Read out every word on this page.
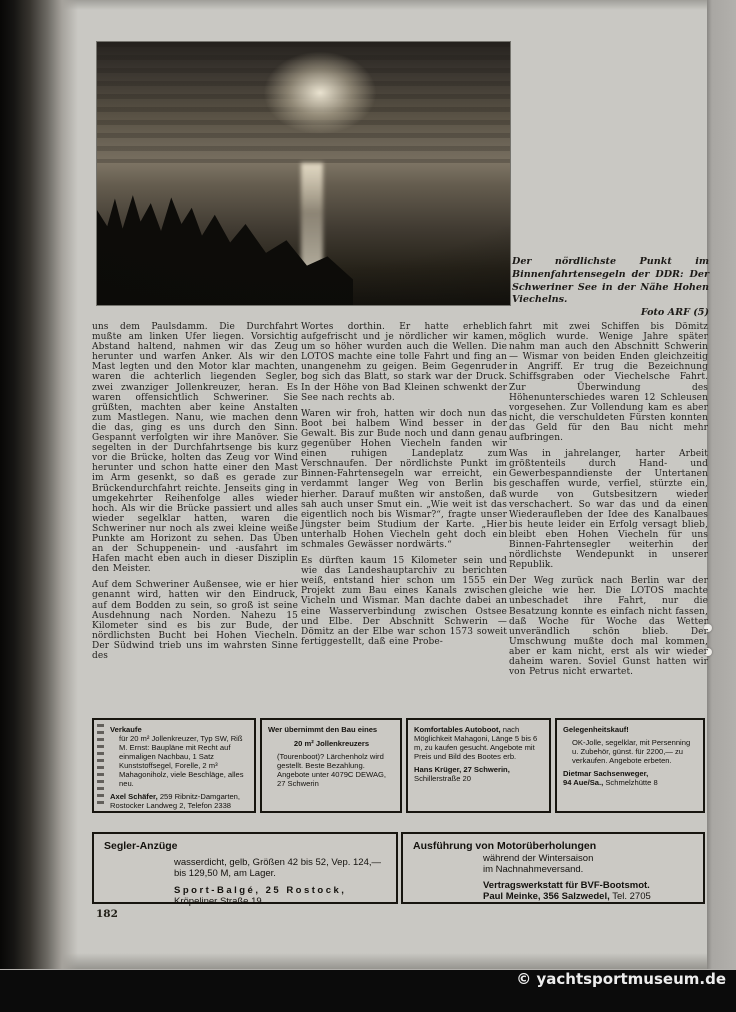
Der nördlichste Punkt im Binnenfahrtensegeln der DDR: Der Schweriner See in der Nähe Hohen Viechelns.

Foto ARF (5)

uns dem Paulsdamm. Die Durchfahrt mußte am linken Ufer liegen. Vorsichtig Abstand haltend, nahmen wir das Zeug herunter und warfen Anker. Als wir den Mast legten und den Motor klar machten, waren die achterlich liegenden Segler, zwei zwanziger Jollenkreuzer, heran. Es waren offensichtlich Schweriner. Sie grüßten, machten aber keine Anstalten zum Mastlegen. Nanu, wie machen denn die das, ging es uns durch den Sinn. Gespannt verfolgten wir ihre Manöver. Sie segelten in der Durchfahrtsenge bis kurz vor die Brücke, holten das Zeug vor Wind herunter und schon hatte einer den Mast im Arm gesenkt, so daß es gerade zur Brückendurchfahrt reichte. Jenseits ging in umgekehrter Reihenfolge alles wieder hoch. Als wir die Brücke passiert und alles wieder segelklar hatten, waren die Schweriner nur noch als zwei kleine weiße Punkte am Horizont zu sehen. Das Üben an der Schuppenein- und -ausfahrt im Hafen macht eben auch in dieser Disziplin den Meister.

Auf dem Schweriner Außensee, wie er hier genannt wird, hatten wir den Eindruck, auf dem Bodden zu sein, so groß ist seine Ausdehnung nach Norden. Nahezu 15 Kilometer sind es bis zur Bude, der nördlichsten Bucht bei Hohen Viecheln. Der Südwind trieb uns im wahrsten Sinne des

Wortes dorthin. Er hatte erheblich aufgefrischt und je nördlicher wir kamen, um so höher wurden auch die Wellen. Die LOTOS machte eine tolle Fahrt und fing an unangenehm zu geigen. Beim Gegenruder bog sich das Blatt, so stark war der Druck. In der Höhe von Bad Kleinen schwenkt der See nach rechts ab.

Waren wir froh, hatten wir doch nun das Boot bei halbem Wind besser in der Gewalt. Bis zur Bude noch und dann genau gegenüber Hohen Viecheln fanden wir einen ruhigen Landeplatz zum Verschnaufen. Der nördlichste Punkt im Binnen-Fahrtensegeln war erreicht, ein verdammt langer Weg von Berlin bis hierher. Darauf mußten wir anstoßen, daß sah auch unser Smut ein. „Wie weit ist das eigentlich noch bis Wismar?“, fragte unser Jüngster beim Studium der Karte. „Hier unterhalb Hohen Viecheln geht doch ein schmales Gewässer nordwärts.“

Es dürften kaum 15 Kilometer sein und wie das Landeshauptarchiv zu berichten weiß, entstand hier schon um 1555 ein Projekt zum Bau eines Kanals zwischen Vicheln und Wismar. Man dachte dabei an eine Wasserverbindung zwischen Ostsee und Elbe. Der Abschnitt Schwerin — Dömitz an der Elbe war schon 1573 soweit fertiggestellt, daß eine Probe-

fahrt mit zwei Schiffen bis Dömitz möglich wurde. Wenige Jahre später nahm man auch den Abschnitt Schwerin— Wismar von beiden Enden gleichzeitig in Angriff. Er trug die Bezeichnung Schiffsgraben oder Viechelsche Fahrt. Zur Überwindung des Höhenunterschiedes waren 12 Schleusen vorgesehen. Zur Vollendung kam es aber nicht, die verschuldeten Fürsten konnten das Geld für den Bau nicht mehr aufbringen.

Was in jahrelanger, harter Arbeit größtenteils durch Hand- und Gewerbespanndienste der Untertanen geschaffen wurde, verfiel, stürzte ein, wurde von Gutsbesitzern wieder verschachert. So war das und da einen Wiederaufleben der Idee des Kanalbaues bis heute leider ein Erfolg versagt blieb, bleibt eben Hohen Viecheln für uns Binnen-Fahrtensegler weiterhin der nördlichste Wendepunkt in unserer Republik.

Der Weg zurück nach Berlin war der gleiche wie her. Die LOTOS machte unbeschadet ihre Fahrt, nur die Besatzung konnte es einfach nicht fassen, daß Woche für Woche das Wetter unverändlich schön blieb. Der Umschwung mußte doch mal kommen, aber er kam nicht, erst als wir wieder daheim waren. Soviel Gunst hatten wir von Petrus nicht erwartet.

Verkaufe
für 20 m² Jollenkreuzer, Typ SW, Riß M. Ernst: Baupläne mit Recht auf einmaligen Nachbau, 1 Satz Kunststoffsegel, Forelle, 2 m³ Mahagoniholz, viele Beschläge, alles neu.
Axel Schäfer, 259 Ribnitz-Damgarten, Rostocker Landweg 2, Telefon 2338
Wer übernimmt den Bau eines
20 m² Jollenkreuzers
(Tourenboot)? Lärchenholz wird gestellt. Beste Bezahlung. Angebote unter 4079C DEWAG, 27 Schwerin
Komfortables Autoboot, nach Möglichkeit Mahagoni, Länge 5 bis 6 m, zu kaufen gesucht. Angebote mit Preis und Bild des Bootes erb.
Hans Krüger, 27 Schwerin,
Schillerstraße 20
Gelegenheitskauf!
OK-Jolle, segelklar, mit Persenning u. Zubehör, günst. für 2200,— zu verkaufen. Angebote erbeten.
Dietmar Sachsenweger,
94 Aue/Sa., Schmelzhütte 8
Segler-Anzüge
wasserdicht, gelb, Größen 42 bis 52, Vep. 124,— bis 129,50 M, am Lager.
Sport-Balgé, 25 Rostock,
Kröpeliner Straße 19
Ausführung von Motorüberholungen
während der Wintersaison
im Nachnahmeversand.
Vertragswerkstatt für BVF-Bootsmot.
Paul Meinke, 356 Salzwedel, Tel. 2705
182
© yachtsportmuseum.de
